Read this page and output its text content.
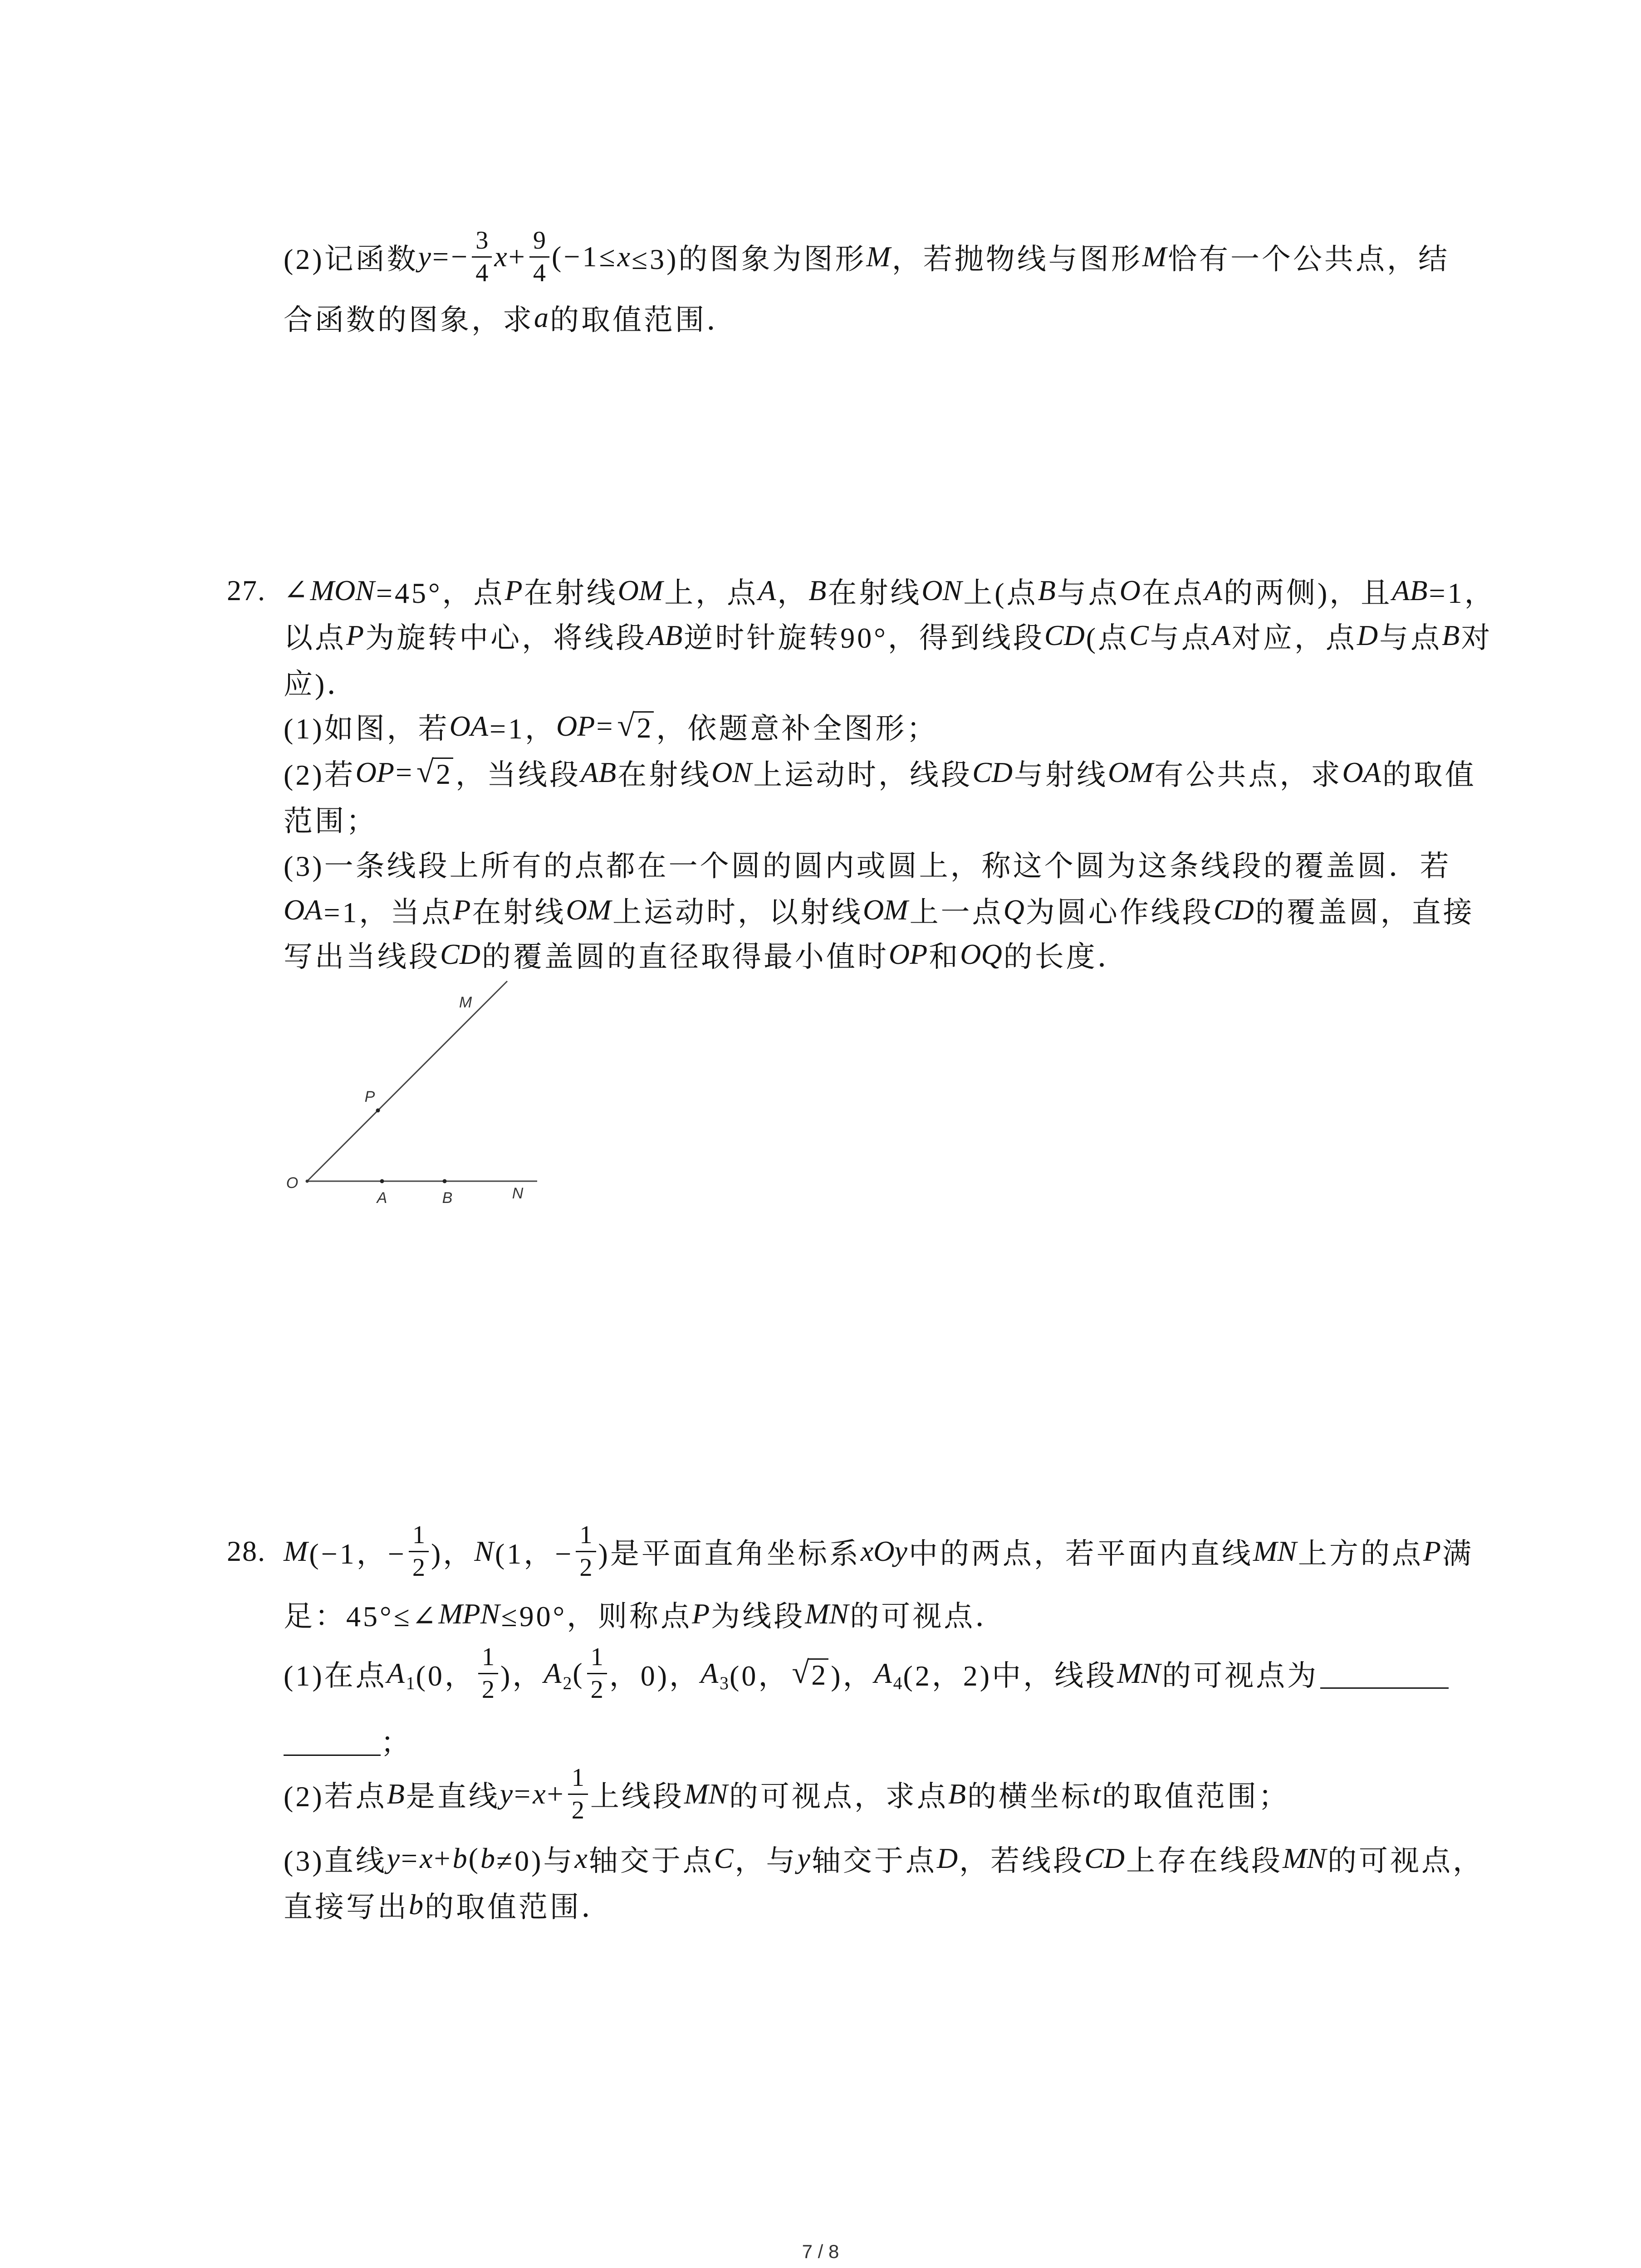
(2)记函数 $y =- \frac{3}{4}$ $x + \frac{9}{4} (-1\le x \le 3)$的图象为图形 M ，若抛物线与图形 M 恰有一个公共点，结
合函数的图象，求 a 的取值范围．
27. ∠ MON =45°，点 P 在射线 OM 上，点 A ， B 在射线 ON 上(点 B 与点 O 在点 A 的两侧)，且 AB =1，
以点 P 为旋转中心，将线段 AB 逆时针旋转90°，得到线段 CD (点 C 与点 A 对应，点 D 与点 B 对
应)．
(1)如图，若 OA =1， OP = √ 2 ，依题意补全图形；
(2)若 OP = √ 2 ，当线段 AB 在射线 ON 上运动时，线段 CD 与射线 OM 有公共点，求 OA 的取值
范围；
(3)一条线段上所有的点都在一个圆的圆内或圆上，称这个圆为这条线段的覆盖圆．若
OA =1，当点 P 在射线 OM 上运动时，以射线 OM 上一点 Q 为圆心作线段 CD 的覆盖圆，直接
写出当线段 CD 的覆盖圆的直径取得最小值时 OP 和 OQ 的长度．
M
P
O
A	B	N
28. M (−1，− $\frac{1}{2}$ )， N (1，− $\frac{1}{2}$ )是平面直角坐标系 xOy 中的两点，若平面内直线 MN 上方的点 P 满
足：45°≤∠ MPN ≤90°，则称点 P 为线段 MN 的可视点．
(1)在点 A 1 (0， $\frac{1}{2}$ )， A 2 ( $\frac{1}{2}$ ，0)， A 3 (0， √ 2 )， A 4 (2，2)中，线段 MN 的可视点为
；
(2)若点 B 是直线 $y = x + \frac{1}{2}$ 上线段 MN 的可视点，求点 B 的横坐标 t 的取值范围；
(3)直线 y = x + b ( b ≠0)与 x 轴交于点 C ，与 y 轴交于点 D ，若线段 CD 上存在线段 MN 的可视点，
直接写出 b 的取值范围．
7 / 8
